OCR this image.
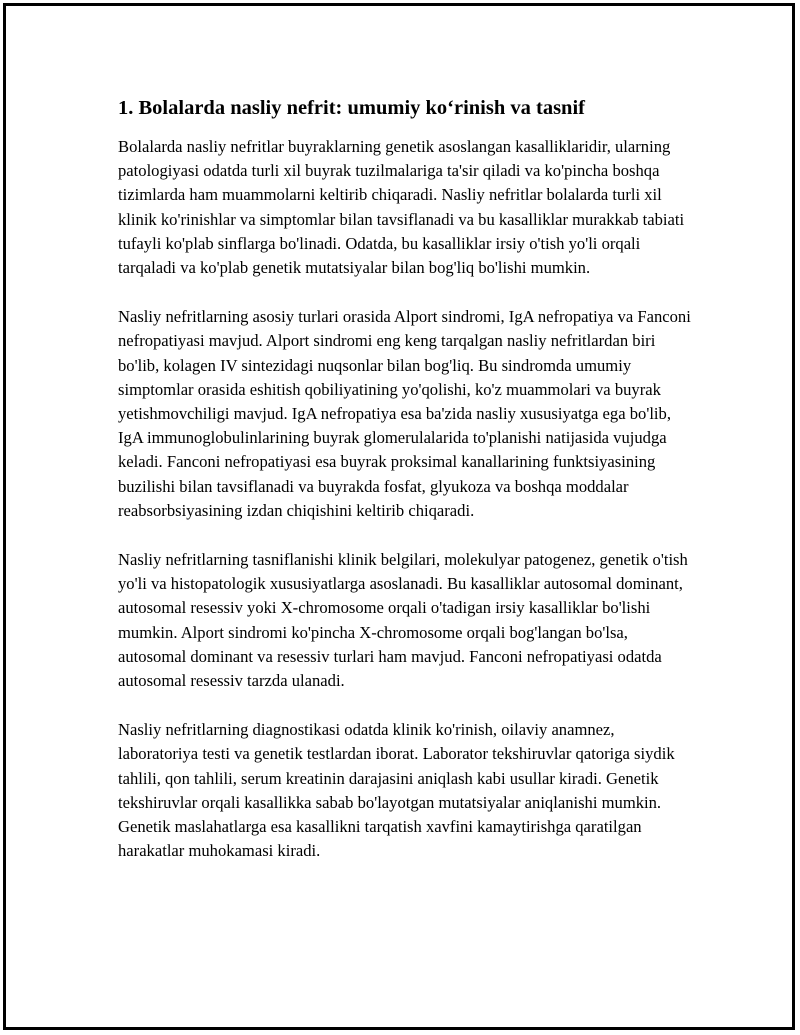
1. Bolalarda nasliy nefrit: umumiy ko‘rinish va tasnif

Bolalarda nasliy nefritlar buyraklarning genetik asoslangan kasalliklaridir, ularning patologiyasi odatda turli xil buyrak tuzilmalariga ta'sir qiladi va ko'pincha boshqa tizimlarda ham muammolarni keltirib chiqaradi. Nasliy nefritlar bolalarda turli xil klinik ko'rinishlar va simptomlar bilan tavsiflanadi va bu kasalliklar murakkab tabiati tufayli ko'plab sinflarga bo'linadi. Odatda, bu kasalliklar irsiy o'tish yo'li orqali tarqaladi va ko'plab genetik mutatsiyalar bilan bog'liq bo'lishi mumkin.

Nasliy nefritlarning asosiy turlari orasida Alport sindromi, IgA nefropatiya va Fanconi nefropatiyasi mavjud. Alport sindromi eng keng tarqalgan nasliy nefritlardan biri bo'lib, kolagen IV sintezidagi nuqsonlar bilan bog'liq. Bu sindromda umumiy simptomlar orasida eshitish qobiliyatining yo'qolishi, ko'z muammolari va buyrak yetishmovchiligi mavjud. IgA nefropatiya esa ba'zida nasliy xususiyatga ega bo'lib, IgA immunoglobulinlarining buyrak glomerulalarida to'planishi natijasida vujudga keladi. Fanconi nefropatiyasi esa buyrak proksimal kanallarining funktsiyasining buzilishi bilan tavsiflanadi va buyrakda fosfat, glyukoza va boshqa moddalar reabsorbsiyasining izdan chiqishini keltirib chiqaradi.

Nasliy nefritlarning tasniflanishi klinik belgilari, molekulyar patogenez, genetik o'tish yo'li va histopatologik xususiyatlarga asoslanadi. Bu kasalliklar autosomal dominant, autosomal resessiv yoki X-chromosome orqali o'tadigan irsiy kasalliklar bo'lishi mumkin. Alport sindromi ko'pincha X-chromosome orqali bog'langan bo'lsa, autosomal dominant va resessiv turlari ham mavjud. Fanconi nefropatiyasi odatda autosomal resessiv tarzda ulanadi.

Nasliy nefritlarning diagnostikasi odatda klinik ko'rinish, oilaviy anamnez, laboratoriya testi va genetik testlardan iborat. Laborator tekshiruvlar qatoriga siydik tahlili, qon tahlili, serum kreatinin darajasini aniqlash kabi usullar kiradi. Genetik tekshiruvlar orqali kasallikka sabab bo'layotgan mutatsiyalar aniqlanishi mumkin. Genetik maslahatlarga esa kasallikni tarqatish xavfini kamaytirishga qaratilgan harakatlar muhokamasi kiradi.
